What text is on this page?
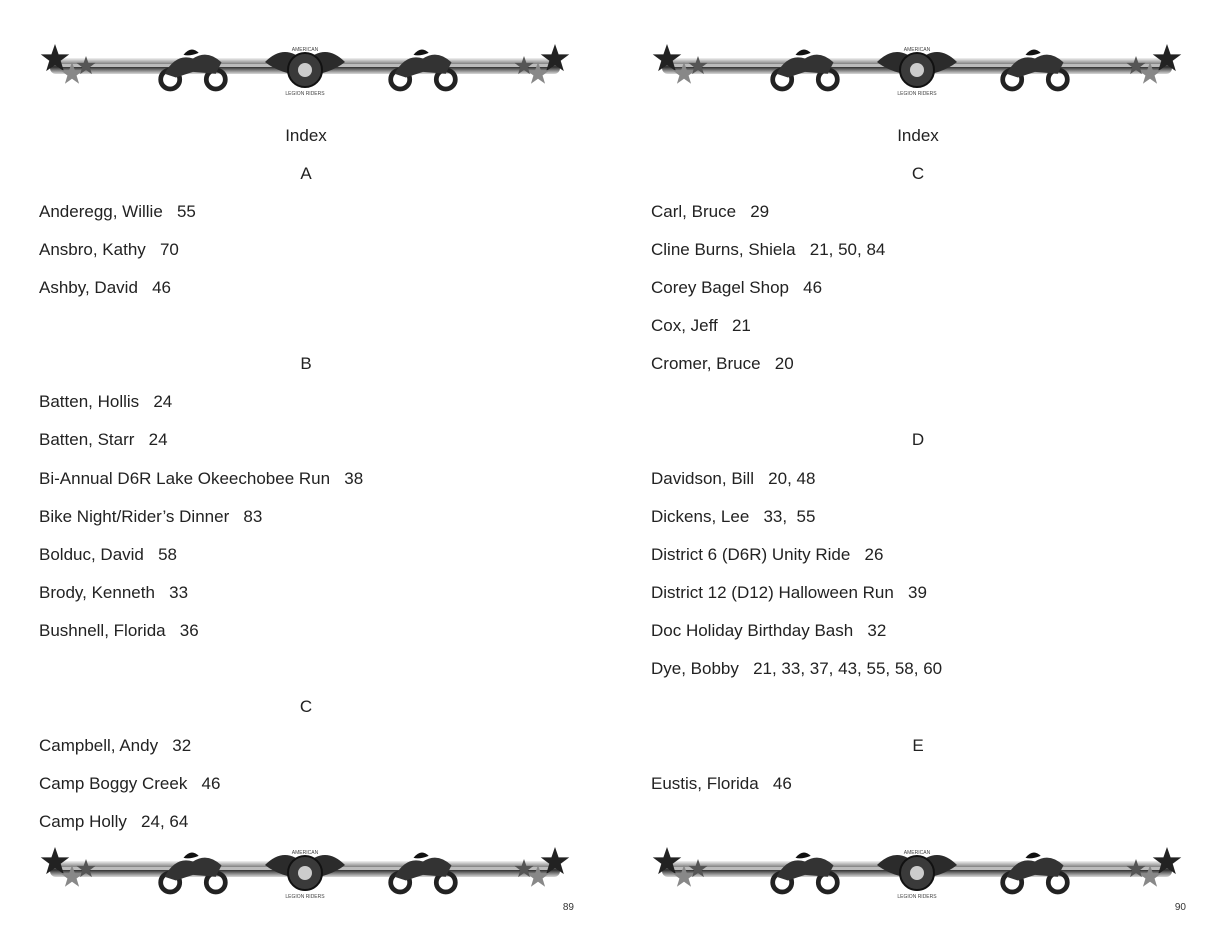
AMERICAN
LEGION RIDERS
Index
A
Anderegg, Willie 55
Ansbro, Kathy 70
Ashby, David 46
B
Batten, Hollis 24
Batten, Starr 24
Bi-Annual D6R Lake Okeechobee Run 38
Bike Night/Rider’s Dinner 83
Bolduc, David 58
Brody, Kenneth 33
Bushnell, Florida 36
C
Campbell, Andy 32
Camp Boggy Creek 46
Camp Holly 24, 64
AMERICAN
LEGION RIDERS
89
AMERICAN
LEGION RIDERS
Index
C
Carl, Bruce 29
Cline Burns, Shiela 21, 50, 84
Corey Bagel Shop 46
Cox, Jeff 21
Cromer, Bruce 20
D
Davidson, Bill 20, 48
Dickens, Lee 33,  55
District 6 (D6R) Unity Ride 26
District 12 (D12) Halloween Run 39
Doc Holiday Birthday Bash 32
Dye, Bobby 21, 33, 37, 43, 55, 58, 60
E
Eustis, Florida 46
AMERICAN
LEGION RIDERS
90
